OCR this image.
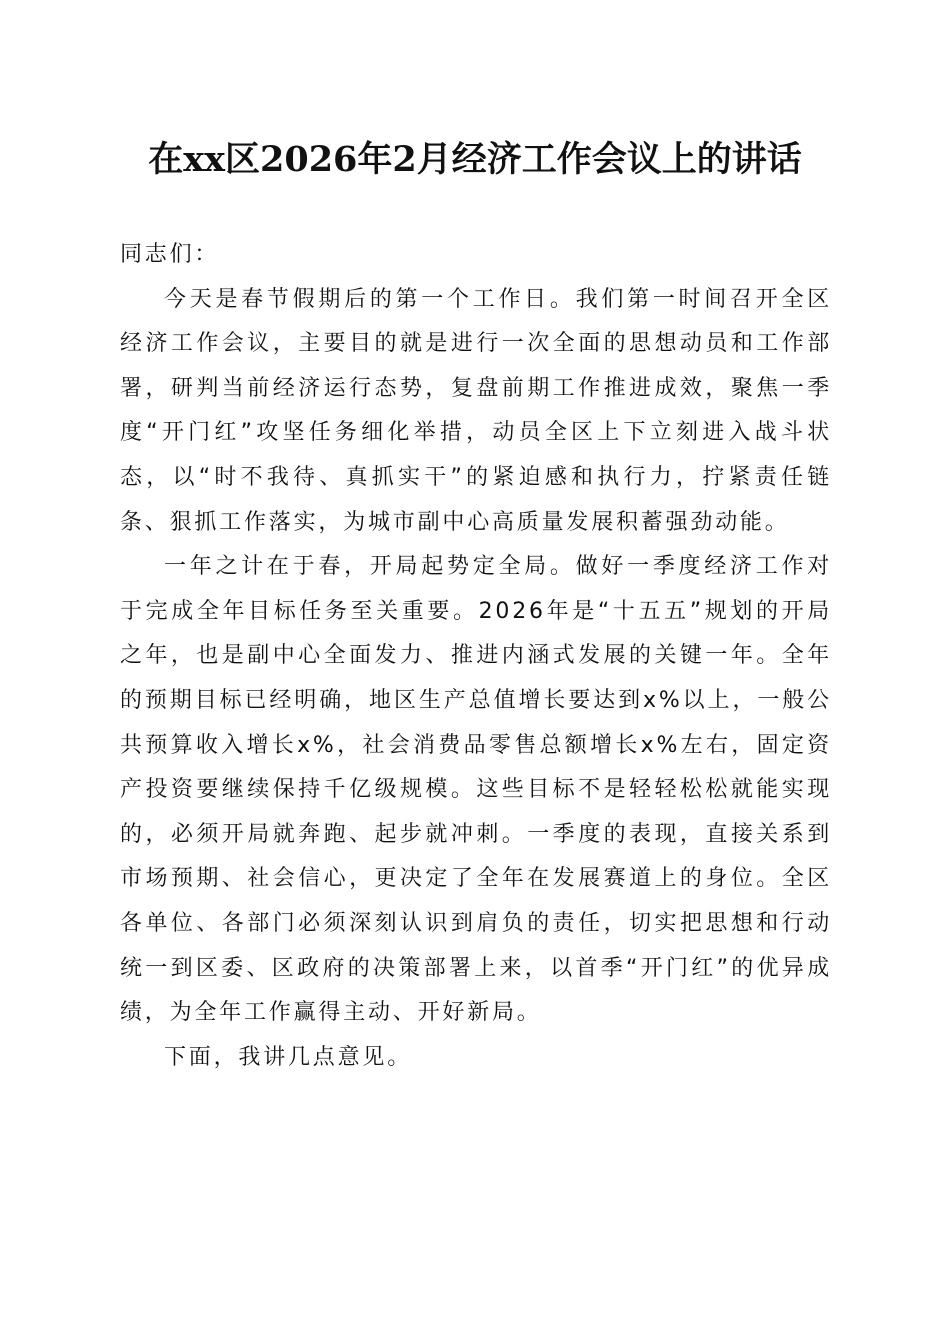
在xx区2026年2月经济工作会议上的讲话

同志们：

今天是春节假期后的第一个工作日。我们第一时间召开全区经济工作会议，主要目的就是进行一次全面的思想动员和工作部署，研判当前经济运行态势，复盘前期工作推进成效，聚焦一季度“开门红”攻坚任务细化举措，动员全区上下立刻进入战斗状态，以“时不我待、真抓实干”的紧迫感和执行力，拧紧责任链条、狠抓工作落实，为城市副中心高质量发展积蓄强劲动能。

一年之计在于春，开局起势定全局。做好一季度经济工作对于完成全年目标任务至关重要。2026年是“十五五”规划的开局之年，也是副中心全面发力、推进内涵式发展的关键一年。全年的预期目标已经明确，地区生产总值增长要达到x%以上，一般公共预算收入增长x%，社会消费品零售总额增长x%左右，固定资产投资要继续保持千亿级规模。这些目标不是轻轻松松就能实现的，必须开局就奔跑、起步就冲刺。一季度的表现，直接关系到市场预期、社会信心，更决定了全年在发展赛道上的身位。全区各单位、各部门必须深刻认识到肩负的责任，切实把思想和行动统一到区委、区政府的决策部署上来，以首季“开门红”的优异成绩，为全年工作赢得主动、开好新局。

下面，我讲几点意见。
